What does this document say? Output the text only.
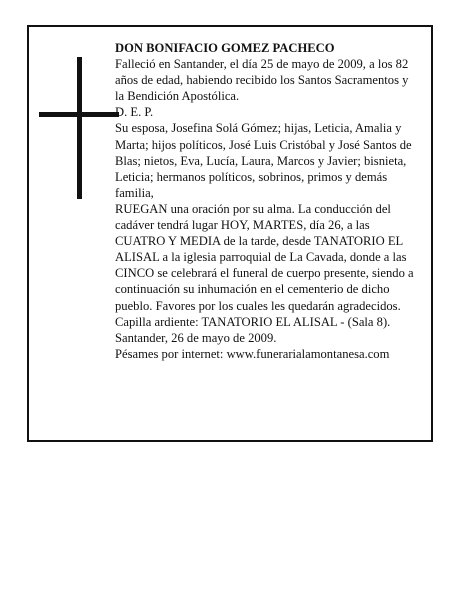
DON BONIFACIO GOMEZ PACHECO

Falleció en Santander, el día 25 de mayo de 2009, a los 82 años de edad, habiendo recibido los Santos Sacramentos y la Bendición Apostólica.

D. E. P.

Su esposa, Josefina Solá Gómez; hijas, Leticia, Amalia y Marta; hijos políticos, José Luis Cristóbal y José Santos de Blas; nietos, Eva, Lucía, Laura, Marcos y Javier; bisnieta, Leticia; hermanos políticos, sobrinos, primos y demás familia,

RUEGAN una oración por su alma. La conducción del cadáver tendrá lugar HOY, MARTES, día 26, a las CUATRO Y MEDIA de la tarde, desde TANATORIO EL ALISAL a la iglesia parroquial de La Cavada, donde a las CINCO se celebrará el funeral de cuerpo presente, siendo a continuación su inhumación en el cementerio de dicho pueblo. Favores por los cuales les quedarán agradecidos.

Capilla ardiente: TANATORIO EL ALISAL - (Sala 8).

Santander, 26 de mayo de 2009.

Pésames por internet: www.funerarialamontanesa.com
